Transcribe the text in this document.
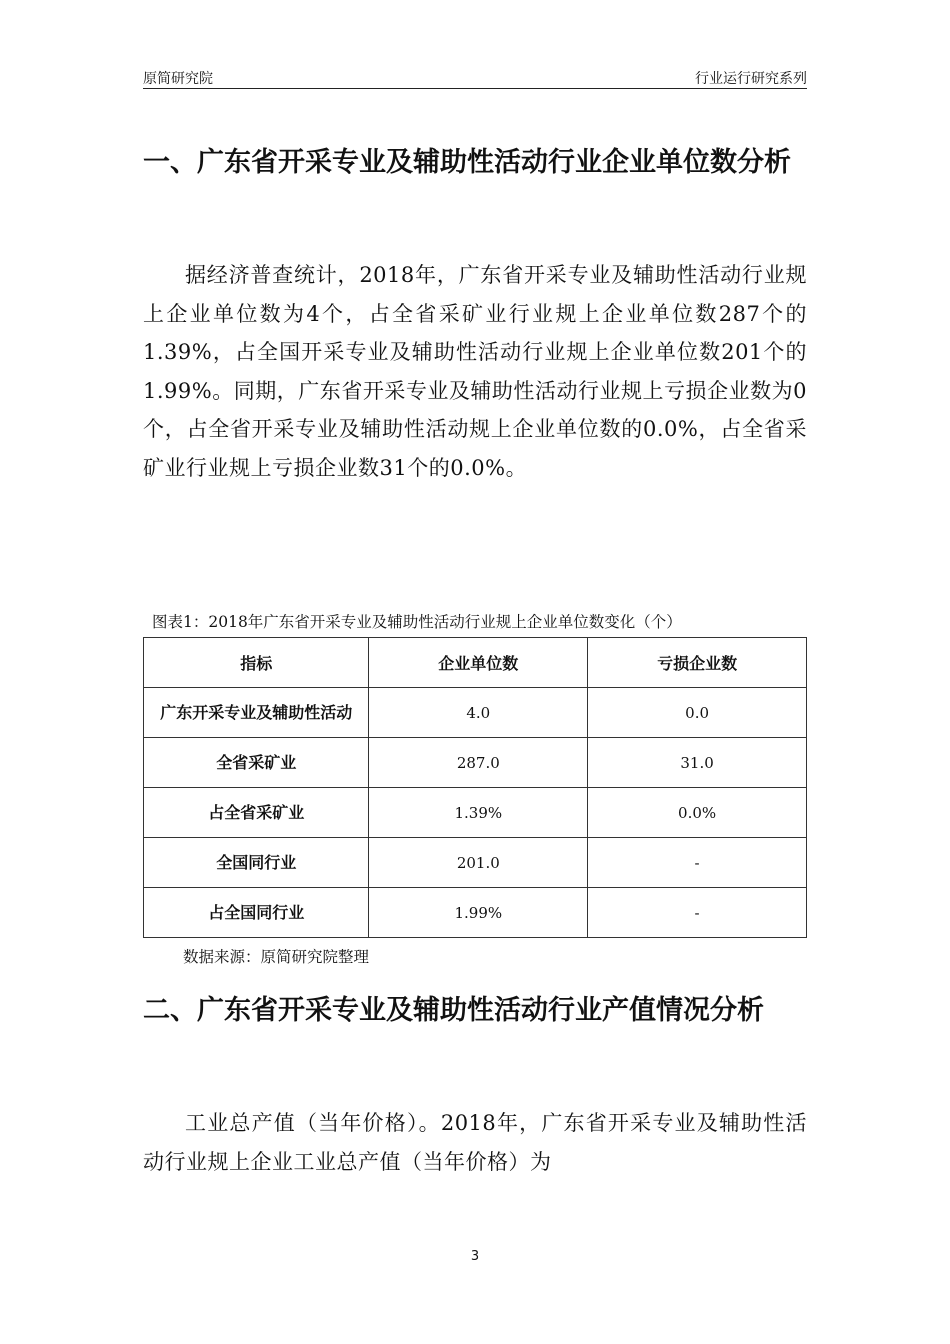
原简研究院	行业运行研究系列
一、广东省开采专业及辅助性活动行业企业单位数分析

据经济普查统计，2018年，广东省开采专业及辅助性活动行业规上企业单位数为4个，占全省采矿业行业规上企业单位数287个的1.39%，占全国开采专业及辅助性活动行业规上企业单位数201个的1.99%。同期，广东省开采专业及辅助性活动行业规上亏损企业数为0个，占全省开采专业及辅助性活动规上企业单位数的0.0%，占全省采矿业行业规上亏损企业数31个的0.0%。

图表1：2018年广东省开采专业及辅助性活动行业规上企业单位数变化（个）
指标	企业单位数	亏损企业数
广东开采专业及辅助性活动	4.0	0.0
全省采矿业	287.0	31.0
占全省采矿业	1.39%	0.0%
全国同行业	201.0	-
占全国同行业	1.99%	-
数据来源：原简研究院整理
二、广东省开采专业及辅助性活动行业产值情况分析

工业总产值（当年价格）。2018年，广东省开采专业及辅助性活动行业规上企业工业总产值（当年价格）为

3
